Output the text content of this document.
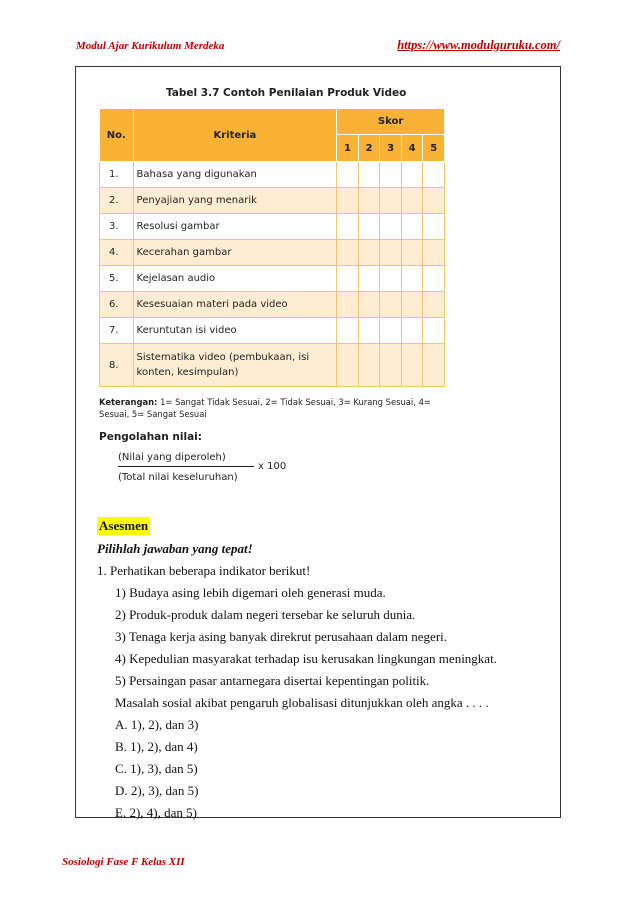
Modul Ajar Kurikulum Merdeka	https://www.modulguruku.com/
Tabel 3.7 Contoh Penilaian Produk Video
No.	Kriteria	Skor				
		1	2	3	4	5
1.	Bahasa yang digunakan					
2.	Penyajian yang menarik					
3.	Resolusi gambar					
4.	Kecerahan gambar					
5.	Kejelasan audio					
6.	Kesesuaian materi pada video					
7.	Keruntutan isi video					
8.	Sistematika video (pembukaan, isi konten, kesimpulan)					
Keterangan: 1= Sangat Tidak Sesuai, 2= Tidak Sesuai, 3= Kurang Sesuai, 4= Sesuai, 5= Sangat Sesuai
Pengolahan nilai:
(Nilai yang diperoleh)
x 100
(Total nilai keseluruhan)
Asesmen
Pilihlah jawaban yang tepat!
1. Perhatikan beberapa indikator berikut!
1) Budaya asing lebih digemari oleh generasi muda.
2) Produk-produk dalam negeri tersebar ke seluruh dunia.
3) Tenaga kerja asing banyak direkrut perusahaan dalam negeri.
4) Kepedulian masyarakat terhadap isu kerusakan lingkungan meningkat.
5) Persaingan pasar antarnegara disertai kepentingan politik.
Masalah sosial akibat pengaruh globalisasi ditunjukkan oleh angka . . . .
A. 1), 2), dan 3)
B. 1), 2), dan 4)
C. 1), 3), dan 5)
D. 2), 3), dan 5)
E. 2), 4), dan 5)
Sosiologi Fase F Kelas XII
